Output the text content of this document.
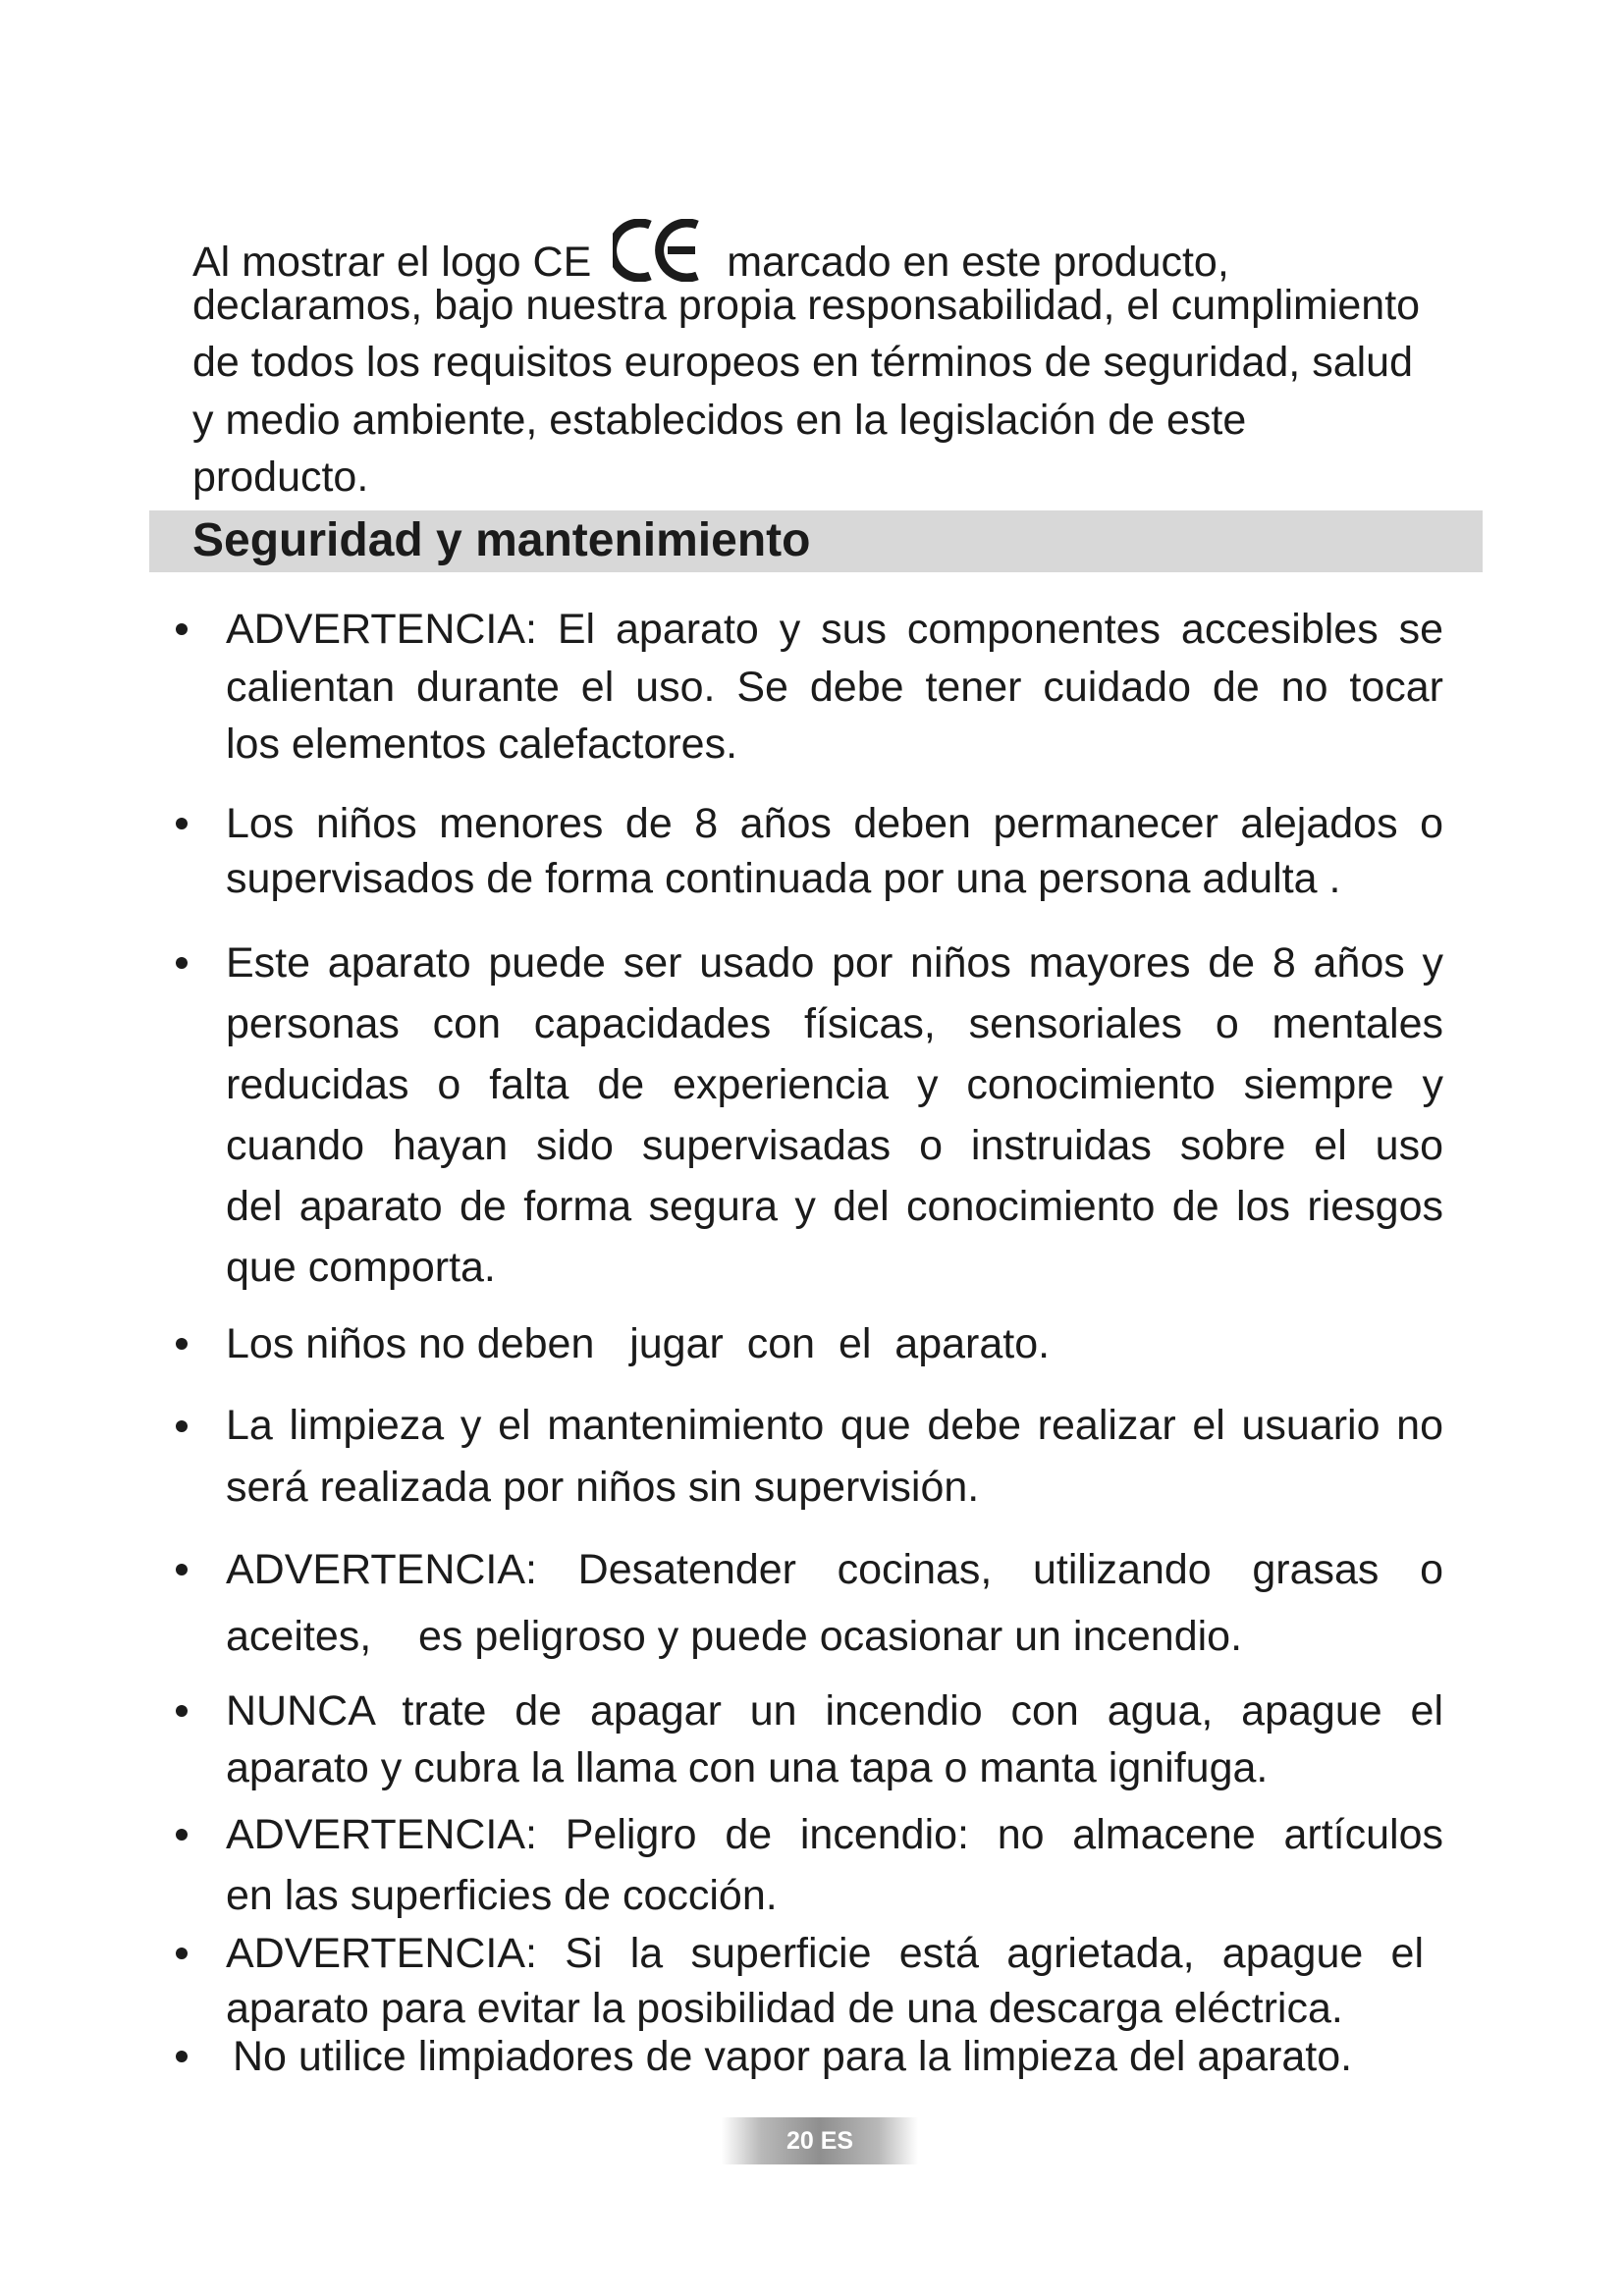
Al mostrar el logo CE	marcado en este producto,
declaramos, bajo nuestra propia responsabilidad, el cumplimiento
de todos los requisitos europeos en términos de seguridad, salud
y medio ambiente, establecidos en la legislación de este
producto.
Seguridad y mantenimiento
ADVERTENCIA: El aparato y sus componentes accesibles se
calientan durante el uso. Se debe tener cuidado de no tocar
los elementos calefactores.
Los niños menores de 8 años deben permanecer alejados o
supervisados de forma continuada por una persona adulta .
Este aparato puede ser usado por niños mayores de 8 años y
personas con capacidades físicas, sensoriales o mentales
reducidas o falta de experiencia y conocimiento siempre y
cuando hayan sido supervisadas o instruidas sobre el uso
del aparato de forma segura y del conocimiento de los riesgos
que comporta.
Los niños no deben   jugar  con  el  aparato.
La limpieza y el mantenimiento que debe realizar el usuario no
será realizada por niños sin supervisión.
ADVERTENCIA: Desatender cocinas, utilizando grasas o
aceites,    es peligroso y puede ocasionar un incendio.
NUNCA trate de apagar un incendio con agua, apague el
aparato y cubra la llama con una tapa o manta ignifuga.
ADVERTENCIA: Peligro de incendio: no almacene artículos
en las superficies de cocción.
ADVERTENCIA: Si la superficie está agrietada, apague el
aparato para evitar la posibilidad de una descarga eléctrica.
No utilice limpiadores de vapor para la limpieza del aparato.
20 ES
